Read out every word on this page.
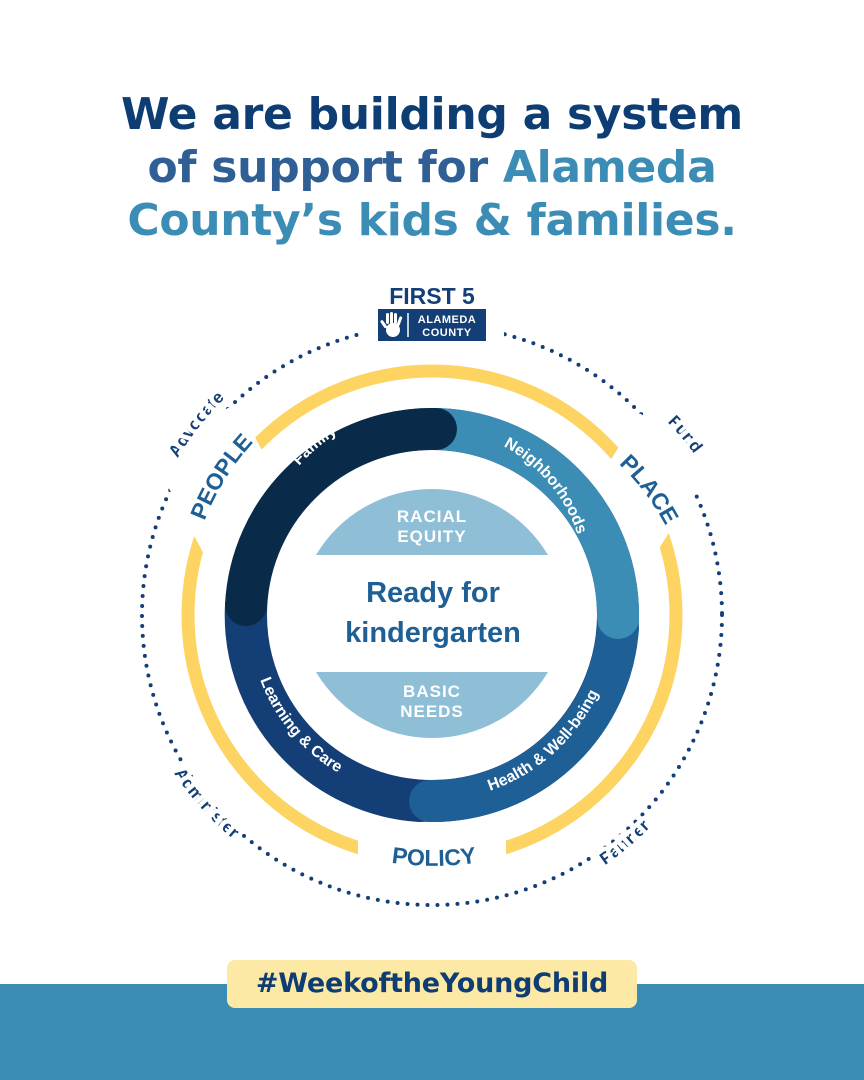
We are building a system
of support for Alameda
County’s kids & families.
RACIAL
EQUITY
Ready for
kindergarten
BASIC
NEEDS
Family
Neighborhoods
Health & Well-being
Learning & Care
PEOPLE
PLACE
POLICY
Advocate
Fund
Administer
Partner
FIRST 5
ALAMEDA
COUNTY
#WeekoftheYoungChild
